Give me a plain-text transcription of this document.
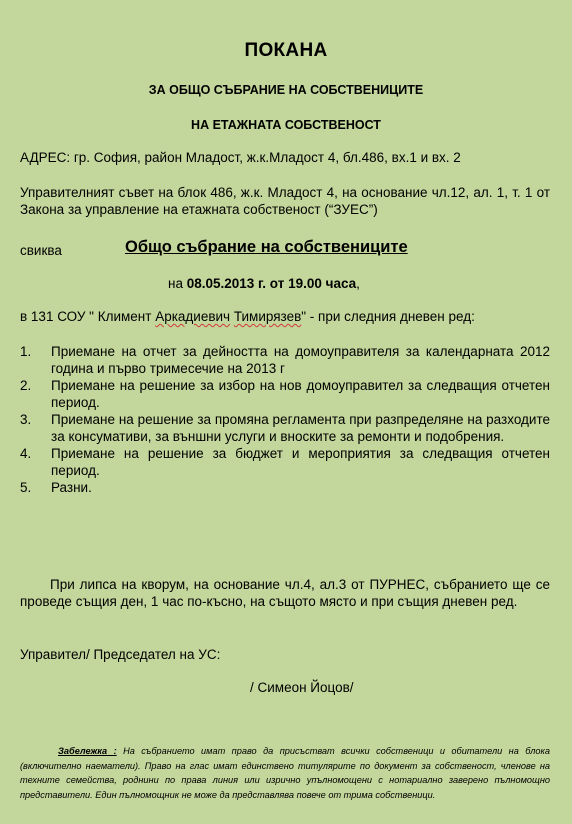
ПОКАНА
ЗА ОБЩО СЪБРАНИЕ НА СОБСТВЕНИЦИТЕ
НА ЕТАЖНАТА СОБСТВЕНОСТ
АДРЕС: гр. София, район Младост, ж.к.Младост 4, бл.486, вх.1 и вх. 2
Управителният съвет на блок 486, ж.к. Младост 4, на основание чл.12, ал. 1, т. 1 от Закона за управление на етажната собственост (“ЗУЕС”)
свиква	Общо събрание на собствениците
на 08.05.2013 г. от 19.00 часа,
в 131 СОУ " Климент Аркадиевич Тимирязев" - при следния дневен ред:
1. Приемане на отчет за дейността на домоуправителя за календарната 2012 година и първо тримесечие на 2013 г
2. Приемане на решение за избор на нов домоуправител за следващия отчетен период.
3. Приемане на решение за промяна регламента при разпределяне на разходите за консумативи, за външни услуги и вноските за ремонти и подобрения.
4. Приемане на решение за бюджет и мероприятия за следващия отчетен период.
5. Разни.
При липса на кворум, на основание чл.4, ал.3 от ПУРНЕС, събранието ще се проведе същия ден, 1 час по-късно, на същото място и при същия дневен ред.
Управител/ Председател на УС:
/ Симеон Йоцов/
Забележка : На събранието имат право да присъстват всички собственици и обитатели на блока (включително наематели). Право на глас имат единствено титулярите по документ за собственост, членове на техните семейства, роднини по права линия или изрично упълномощени с нотариално заверено пълномощно представители. Един пълномощник не може да представлява повече от трима собственици.
